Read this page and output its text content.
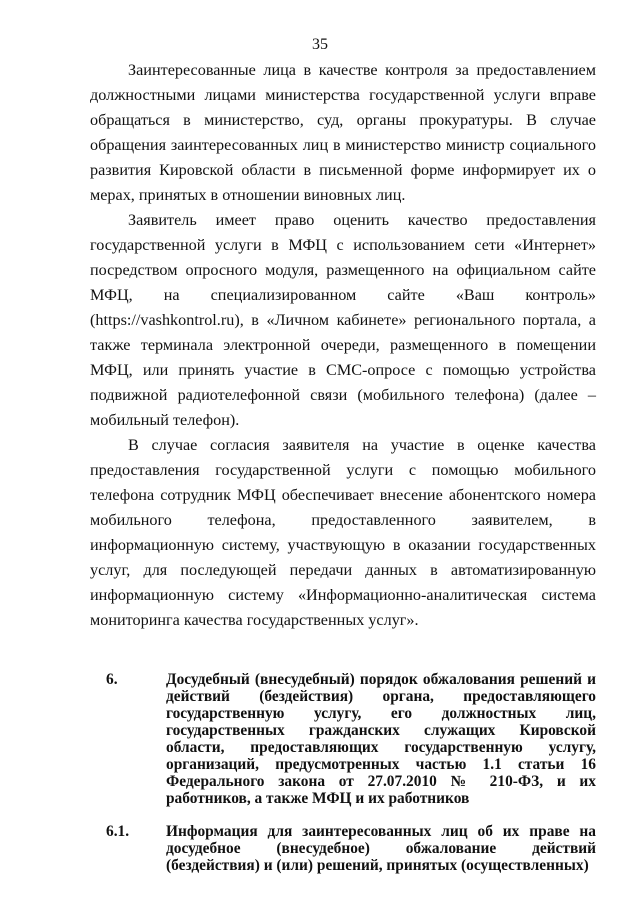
35

Заинтересованные лица в качестве контроля за предоставлением должностными лицами министерства государственной услуги вправе обращаться в министерство, суд, органы прокуратуры. В случае обращения заинтересованных лиц в министерство министр социального развития Кировской области в письменной форме информирует их о мерах, принятых в отношении виновных лиц.

Заявитель имеет право оценить качество предоставления государственной услуги в МФЦ с использованием сети «Интернет» посредством опросного модуля, размещенного на официальном сайте МФЦ, на специализированном сайте «Ваш контроль» (https://vashkontrol.ru), в «Личном кабинете» регионального портала, а также терминала электронной очереди, размещенного в помещении МФЦ, или принять участие в СМС-опросе с помощью устройства подвижной радиотелефонной связи (мобильного телефона) (далее – мобильный телефон).

В случае согласия заявителя на участие в оценке качества предоставления государственной услуги с помощью мобильного телефона сотрудник МФЦ обеспечивает внесение абонентского номера мобильного телефона, предоставленного заявителем, в информационную систему, участвующую в оказании государственных услуг, для последующей передачи данных в автоматизированную информационную систему «Информационно-аналитическая система мониторинга качества государственных услуг».

6.	Досудебный (внесудебный) порядок обжалования решений и действий (бездействия) органа, предоставляющего государственную услугу, его должностных лиц, государственных гражданских служащих Кировской области, предоставляющих государственную услугу, организаций, предусмотренных частью 1.1 статьи 16 Федерального закона от 27.07.2010 № 210-ФЗ, и их работников, а также МФЦ и их работников

6.1.	Информация для заинтересованных лиц об их праве на досудебное (внесудебное) обжалование действий (бездействия) и (или) решений, принятых (осуществленных)
